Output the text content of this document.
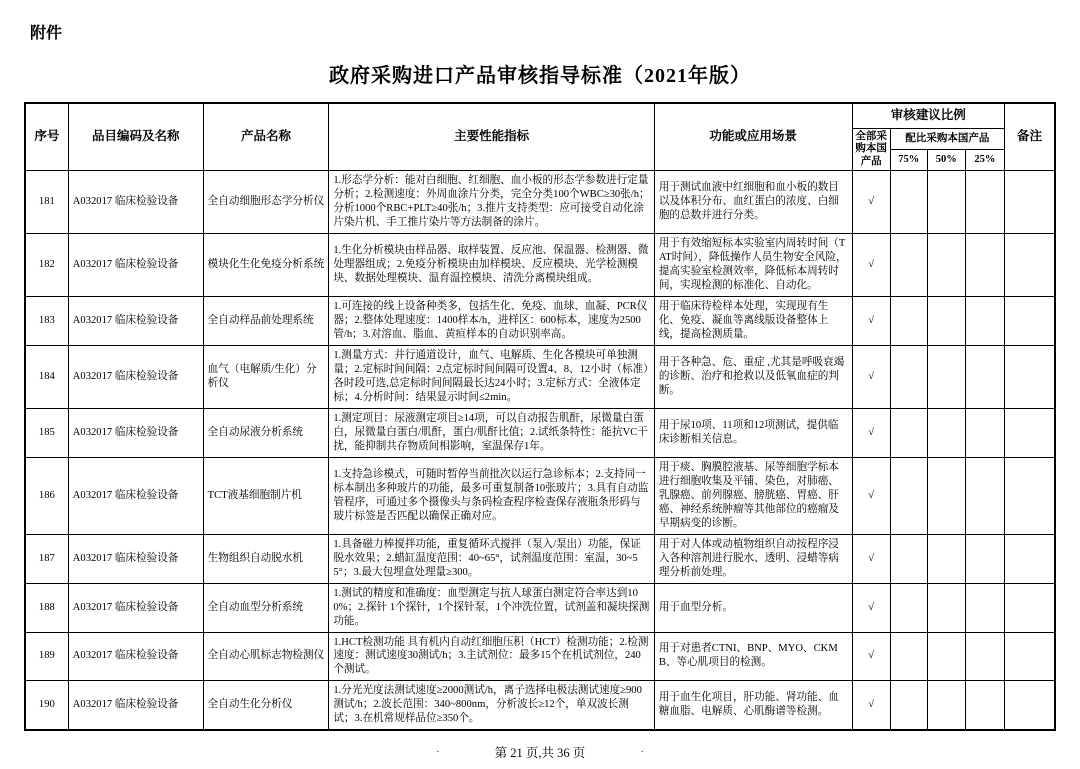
附件
政府采购进口产品审核指导标准（2021年版）
序号	品目编码及名称	产品名称	主要性能指标	功能或应用场景	审核建议比例				备注
					全部采购本国产品	配比采购本国产品			
						75%	50%	25%	
181	A032017 临床检验设备	全自动细胞形态学分析仪	1.形态学分析：能对白细胞、红细胞、血小板的形态学参数进行定量分析；2.检测速度：外周血涂片分类，完全分类100个WBC≥30张/h；分析1000个RBC+PLT≥40张/h；3.推片支持类型：应可接受自动化涂片染片机、手工推片染片等方法制备的涂片。	用于测试血液中红细胞和血小板的数目以及体积分布、血红蛋白的浓度、白细胞的总数并进行分类。	√				
182	A032017 临床检验设备	模块化生化免疫分析系统	1.生化分析模块由样品器、取样装置、反应池、保温器、检测器、微处理器组成；2.免疫分析模块由加样模块、反应模块、光学检测模块、数据处理模块、温育温控模块、清洗分离模块组成。	用于有效缩短标本实验室内周转时间（TAT时间），降低操作人员生物安全风险，提高实验室检测效率，降低标本周转时间，实现检测的标准化、自动化。	√				
183	A032017 临床检验设备	全自动样品前处理系统	1.可连接的线上设备种类多，包括生化、免疫、血球、血凝、PCR仪器；2.整体处理速度：1400样本/h，进样区：600标本，速度为2500管/h；3.对溶血、脂血、黄疸样本的自动识别率高。	用于临床待检样本处理，实现现有生化、免疫、凝血等离线版设备整体上线，提高检测质量。	√				
184	A032017 临床检验设备	血气（电解质/生化）分析仪	1.测量方式：并行通道设计，血气、电解质、生化各模块可单独测量；2.定标时间间隔：2点定标时间间隔可设置4、8、12小时（标准）各时段可选,总定标时间间隔最长达24小时；3.定标方式：全液体定标；4.分析时间：结果显示时间≤2min。	用于各种急、危、重症 ,尤其是呼吸衰竭的诊断、治疗和抢救以及低氧血症的判断。	√				
185	A032017 临床检验设备	全自动尿液分析系统	1.测定项目：尿液测定项目≥14项，可以自动报告肌酐，尿微量白蛋白，尿微量白蛋白/肌酐，蛋白/肌酐比值；2.试纸条特性：能抗VC干扰，能抑制共存物质间相影响，室温保存1年。	用于尿10项、11项和12项测试，提供临床诊断相关信息。	√				
186	A032017 临床检验设备	TCT液基细胞制片机	1.支持急诊模式，可随时暂停当前批次以运行急诊标本；2.支持同一标本制出多种玻片的功能，最多可重复制备10张玻片；3.具有自动监管程序，可通过多个摄像头与条码检查程序检查保存液瓶条形码与玻片标签是否匹配以确保正确对应。	用于痰、胸膜腔液基、尿等细胞学标本进行细胞收集及平铺、染色，对肺癌、乳腺癌、前列腺癌、膀胱癌、胃癌、肝癌、神经系统肿瘤等其他部位的癌瘤及早期病变的诊断。	√				
187	A032017 临床检验设备	生物组织自动脱水机	1.具备磁力棒搅拌功能，重复循环式搅拌（泵入/泵出）功能，保证脱水效果；2.蜡缸温度范围：40~65°，试剂温度范围：室温，30~55°；3.最大包埋盒处理量≥300。	用于对人体或动植物组织自动按程序浸入各种溶剂进行脱水、透明、浸蜡等病理分析前处理。	√				
188	A032017 临床检验设备	全自动血型分析系统	1.测试的精度和准确度：血型测定与抗人球蛋白测定符合率达到100%；2.探针 1个探针，1个探针泵，1个冲洗位置，试剂盖和凝块探测功能。	用于血型分析。	√				
189	A032017 临床检验设备	全自动心肌标志物检测仪	1.HCT检测功能 具有机内自动红细胞压积（HCT）检测功能；2.检测速度：测试速度30测试/h；3.主试剂位：最多15个在机试剂位，240个测试。	用于对患者CTNI、BNP、MYO、CKMB、等心肌项目的检测。	√				
190	A032017 临床检验设备	全自动生化分析仪	1.分光光度法测试速度≥2000测试/h，离子选择电极法测试速度≥900测试/h；2.波长范围：340~800nm，分析波长≥12个，单双波长测试；3.在机常规样品位≥350个。	用于血生化项目，肝功能、肾功能、血糖血脂、电解质、心肌酶谱等检测。	√				
·	第 21 页,共 36 页	·
